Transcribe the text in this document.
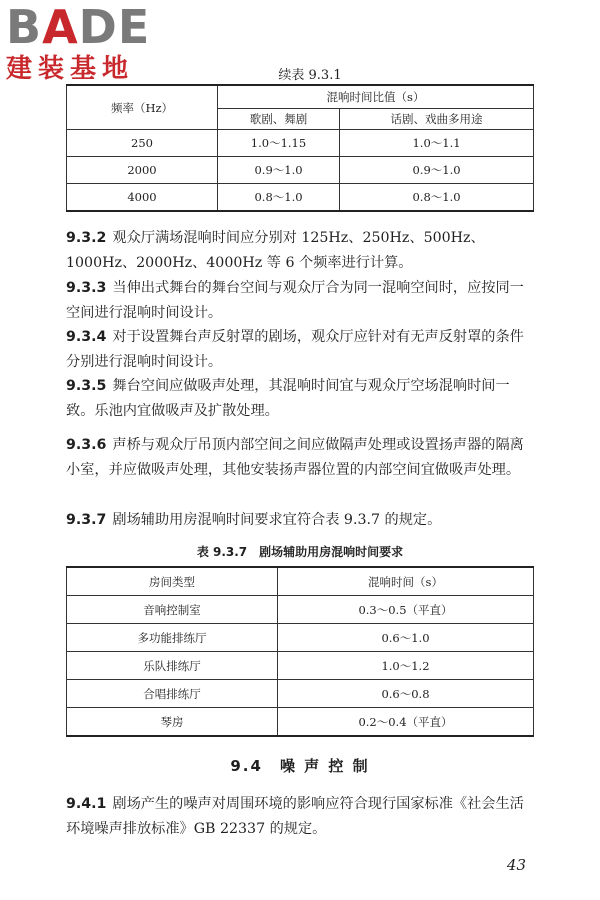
BADE
建装基地	续表 9.3.1
频率（Hz）	混响时间比值（s）	
	歌剧、舞剧	话剧、戏曲多用途
250	1.0～1.15	1.0～1.1
2000	0.9～1.0	0.9～1.0
4000	0.8～1.0	0.8～1.0
9.3.2 观众厅满场混响时间应分别对 125Hz、250Hz、500Hz、1000Hz、2000Hz、4000Hz 等 6 个频率进行计算。
9.3.3 当伸出式舞台的舞台空间与观众厅合为同一混响空间时，应按同一空间进行混响时间设计。
9.3.4 对于设置舞台声反射罩的剧场，观众厅应针对有无声反射罩的条件分别进行混响时间设计。
9.3.5 舞台空间应做吸声处理，其混响时间宜与观众厅空场混响时间一致。乐池内宜做吸声及扩散处理。
9.3.6 声桥与观众厅吊顶内部空间之间应做隔声处理或设置扬声器的隔离小室，并应做吸声处理，其他安装扬声器位置的内部空间宜做吸声处理。
9.3.7 剧场辅助用房混响时间要求宜符合表 9.3.7 的规定。
表 9.3.7　剧场辅助用房混响时间要求
房间类型	混响时间（s）
音响控制室	0.3～0.5（平直）
多功能排练厅	0.6～1.0
乐队排练厅	1.0～1.2
合唱排练厅	0.6～0.8
琴房	0.2～0.4（平直）
9.4　噪 声 控 制
9.4.1 剧场产生的噪声对周围环境的影响应符合现行国家标准《社会生活环境噪声排放标准》GB 22337 的规定。
43
